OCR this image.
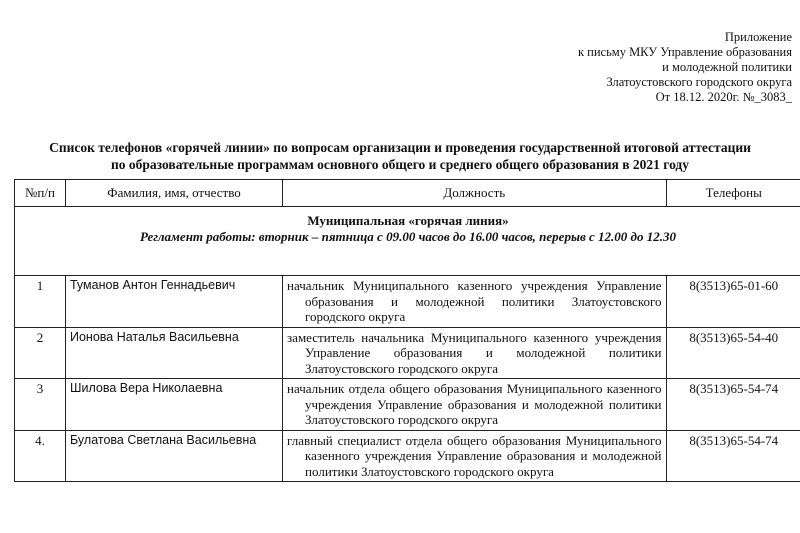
Приложение
к письму МКУ Управление образования
и молодежной политики
Златоустовского городского округа
От 18.12. 2020г. №_3083_
Список телефонов «горячей линии» по вопросам организации и проведения государственной итоговой аттестации
по образовательные программам основного общего и среднего общего образования в 2021 году
№п/п	Фамилия, имя, отчество	Должность	Телефоны

Муниципальная «горячая линия»
Регламент работы: вторник – пятница с 09.00 часов до 16.00 часов, перерыв с 12.00 до 12.30			

1	Туманов Антон Геннадьевич	начальник Муниципального казенного учреждения Управление образования и молодежной политики Златоустовского городского округа	8(3513)65-01-60
2	Ионова Наталья Васильевна	заместитель начальника Муниципального казенного учреждения Управление образования и молодежной политики Златоустовского городского округа	8(3513)65-54-40
3	Шилова Вера Николаевна	начальник отдела общего образования Муниципального казенного учреждения Управление образования и молодежной политики Златоустовского городского округа	8(3513)65-54-74
4.	Булатова Светлана Васильевна	главный специалист отдела общего образования Муниципального казенного учреждения Управление образования и молодежной политики Златоустовского городского округа	8(3513)65-54-74
